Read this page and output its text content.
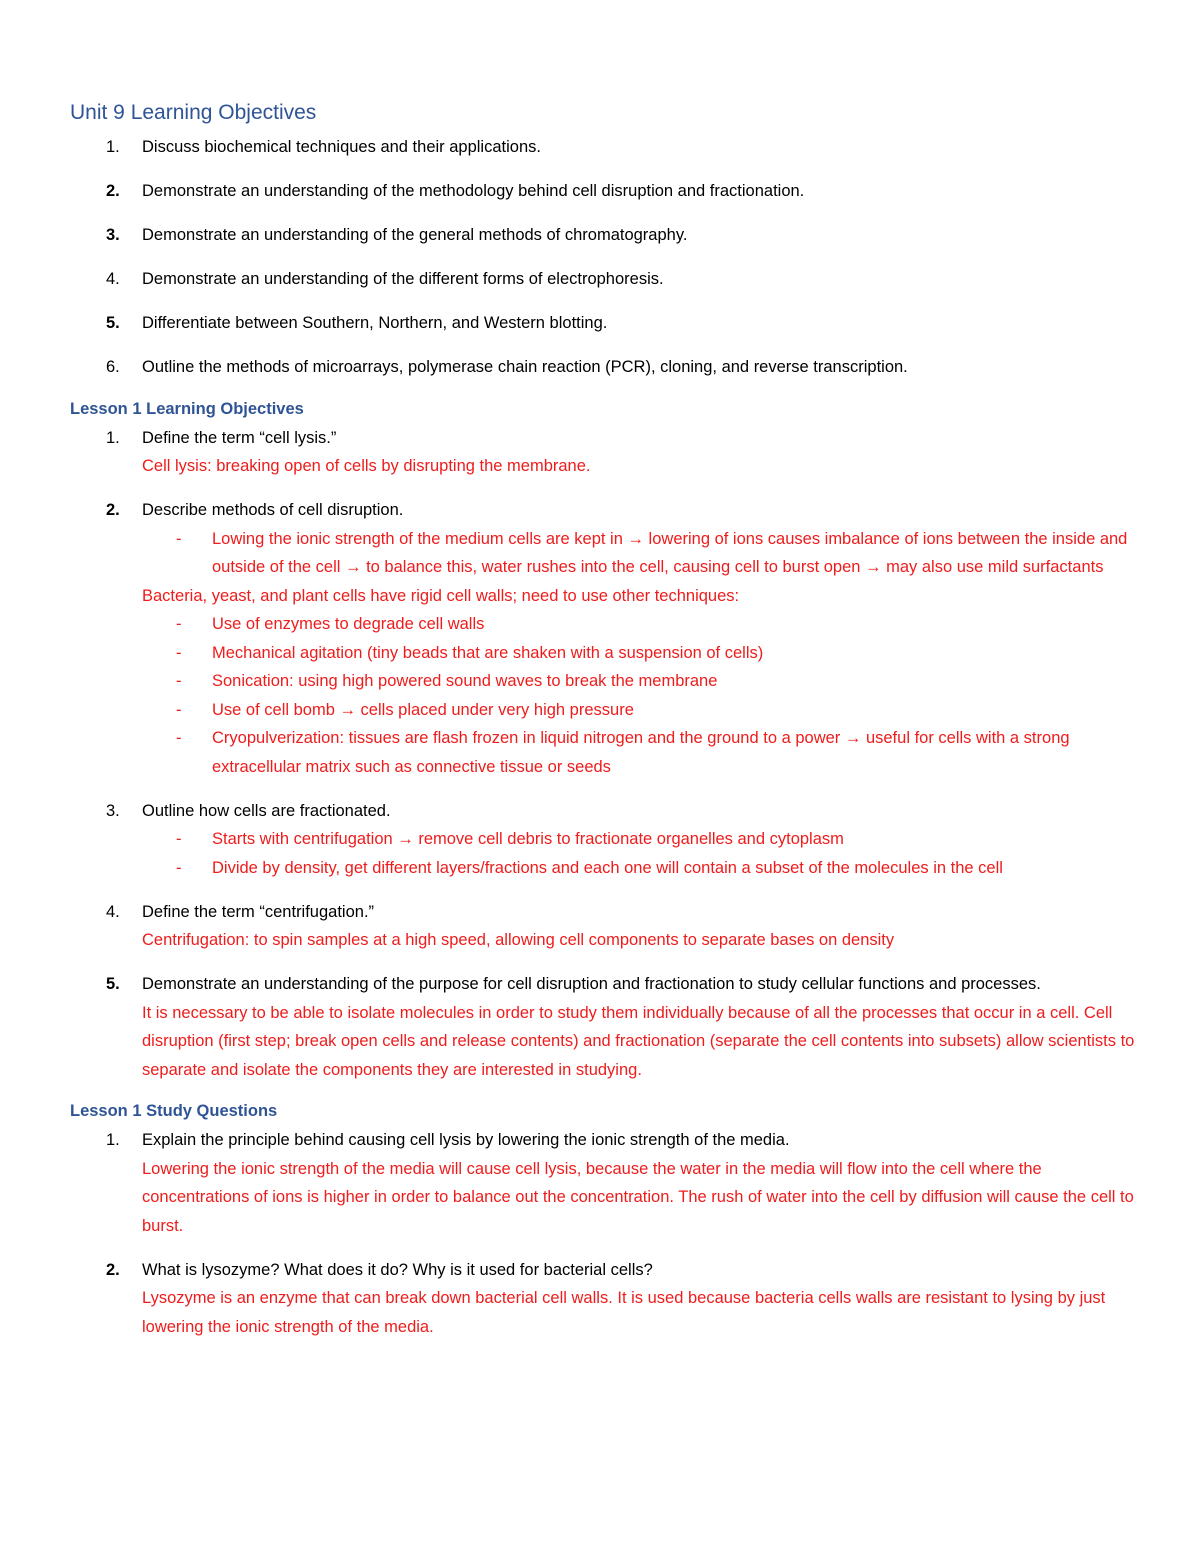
Unit 9 Learning Objectives
1. Discuss biochemical techniques and their applications.
2. Demonstrate an understanding of the methodology behind cell disruption and fractionation.
3. Demonstrate an understanding of the general methods of chromatography.
4. Demonstrate an understanding of the different forms of electrophoresis.
5. Differentiate between Southern, Northern, and Western blotting.
6. Outline the methods of microarrays, polymerase chain reaction (PCR), cloning, and reverse transcription.
Lesson 1 Learning Objectives
1. Define the term “cell lysis.”
Cell lysis: breaking open of cells by disrupting the membrane.
2. Describe methods of cell disruption.
- Lowing the ionic strength of the medium cells are kept in → lowering of ions causes imbalance of ions between the inside and outside of the cell → to balance this, water rushes into the cell, causing cell to burst open → may also use mild surfactants
Bacteria, yeast, and plant cells have rigid cell walls; need to use other techniques:
- Use of enzymes to degrade cell walls
- Mechanical agitation (tiny beads that are shaken with a suspension of cells)
- Sonication: using high powered sound waves to break the membrane
- Use of cell bomb → cells placed under very high pressure
- Cryopulverization: tissues are flash frozen in liquid nitrogen and the ground to a power → useful for cells with a strong extracellular matrix such as connective tissue or seeds
3. Outline how cells are fractionated.
- Starts with centrifugation → remove cell debris to fractionate organelles and cytoplasm
- Divide by density, get different layers/fractions and each one will contain a subset of the molecules in the cell
4. Define the term “centrifugation.”
Centrifugation: to spin samples at a high speed, allowing cell components to separate bases on density
5. Demonstrate an understanding of the purpose for cell disruption and fractionation to study cellular functions and processes.
It is necessary to be able to isolate molecules in order to study them individually because of all the processes that occur in a cell. Cell disruption (first step; break open cells and release contents) and fractionation (separate the cell contents into subsets) allow scientists to separate and isolate the components they are interested in studying.
Lesson 1 Study Questions
1. Explain the principle behind causing cell lysis by lowering the ionic strength of the media.
Lowering the ionic strength of the media will cause cell lysis, because the water in the media will flow into the cell where the concentrations of ions is higher in order to balance out the concentration. The rush of water into the cell by diffusion will cause the cell to burst.
2. What is lysozyme? What does it do? Why is it used for bacterial cells?
Lysozyme is an enzyme that can break down bacterial cell walls. It is used because bacteria cells walls are resistant to lysing by just lowering the ionic strength of the media.
